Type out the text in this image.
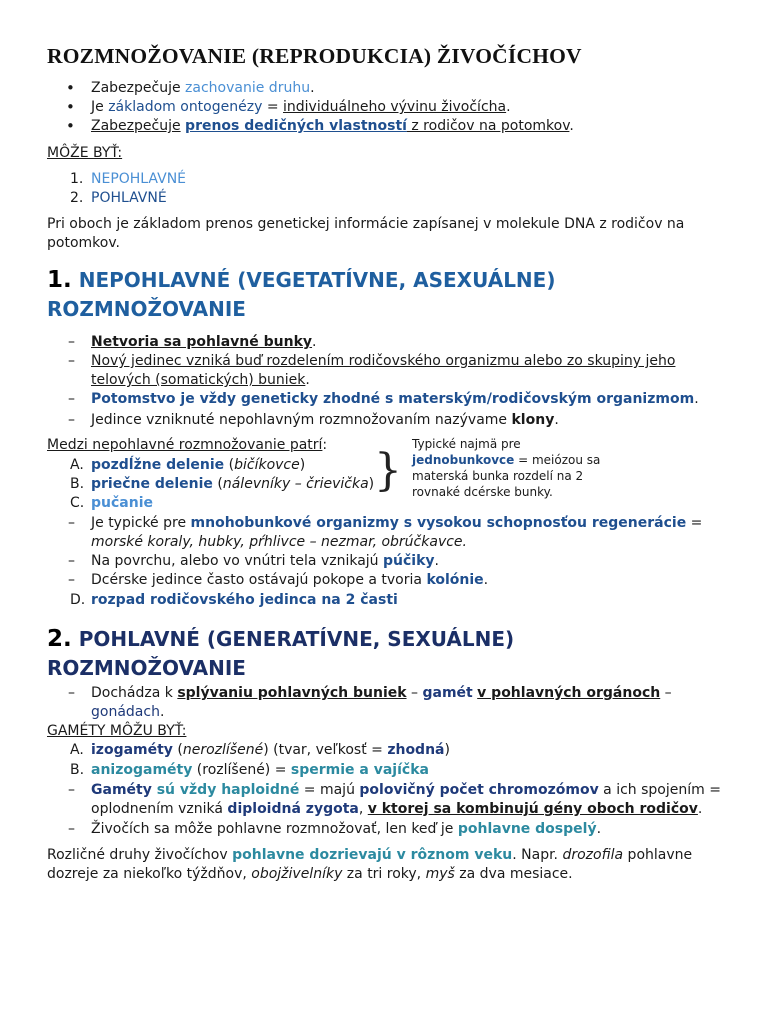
ROZMNOŽOVANIE (REPRODUKCIA) ŽIVOČÍCHOV
• Zabezpečuje zachovanie druhu.

• Je základom ontogenézy = individuálneho vývinu živočícha.

• Zabezpečuje prenos dedičných vlastností z rodičov na potomkov.

MÔŽE BYŤ:

1. NEPOHLAVNÉ

2. POHLAVNÉ

Pri oboch je základom prenos genetickej informácie zapísanej v molekule DNA z rodičov na

potomkov.

1. NEPOHLAVNÉ (VEGETATÍVNE, ASEXUÁLNE)

ROZMNOŽOVANIE

– Netvoria sa pohlavné bunky.

– Nový jedinec vzniká buď rozdelením rodičovského organizmu alebo zo skupiny jeho

telových (somatických) buniek.

– Potomstvo je vždy geneticky zhodné s materským/rodičovským organizmom.

– Jedince vzniknuté nepohlavným rozmnožovaním nazývame klony.

Medzi nepohlavné rozmnožovanie patrí:

A. pozdĺžne delenie (bičíkovce)

B. priečne delenie (nálevníky – črievička)

C. pučanie

– Je typické pre mnohobunkové organizmy s vysokou schopnosťou regenerácie =

morské koraly, hubky, pŕhlivce – nezmar, obrúčkavce.

– Na povrchu, alebo vo vnútri tela vznikajú púčiky.

– Dcérske jedince často ostávajú pokope a tvoria kolónie.

D. rozpad rodičovského jedinca na 2 časti

}
Typické najmä pre
jednobunkovce = meiózou sa
materská bunka rozdelí na 2
rovnaké dcérske bunky.

2. POHLAVNÉ (GENERATÍVNE, SEXUÁLNE)

ROZMNOŽOVANIE

– Dochádza k splývaniu pohlavných buniek – gamét v pohlavných orgánoch –

gonádach.

GAMÉTY MÔŽU BYŤ:

A. izogaméty (nerozlíšené) (tvar, veľkosť = zhodná)

B. anizogaméty (rozlíšené) = spermie a vajíčka

– Gaméty sú vždy haploidné = majú polovičný počet chromozómov a ich spojením =

oplodnením vzniká diploidná zygota, v ktorej sa kombinujú gény oboch rodičov.

– Živočích sa môže pohlavne rozmnožovať, len keď je pohlavne dospelý.

Rozličné druhy živočíchov pohlavne dozrievajú v rôznom veku. Napr. drozofila pohlavne

dozreje za niekoľko týždňov, obojživelníky za tri roky, myš za dva mesiace.
